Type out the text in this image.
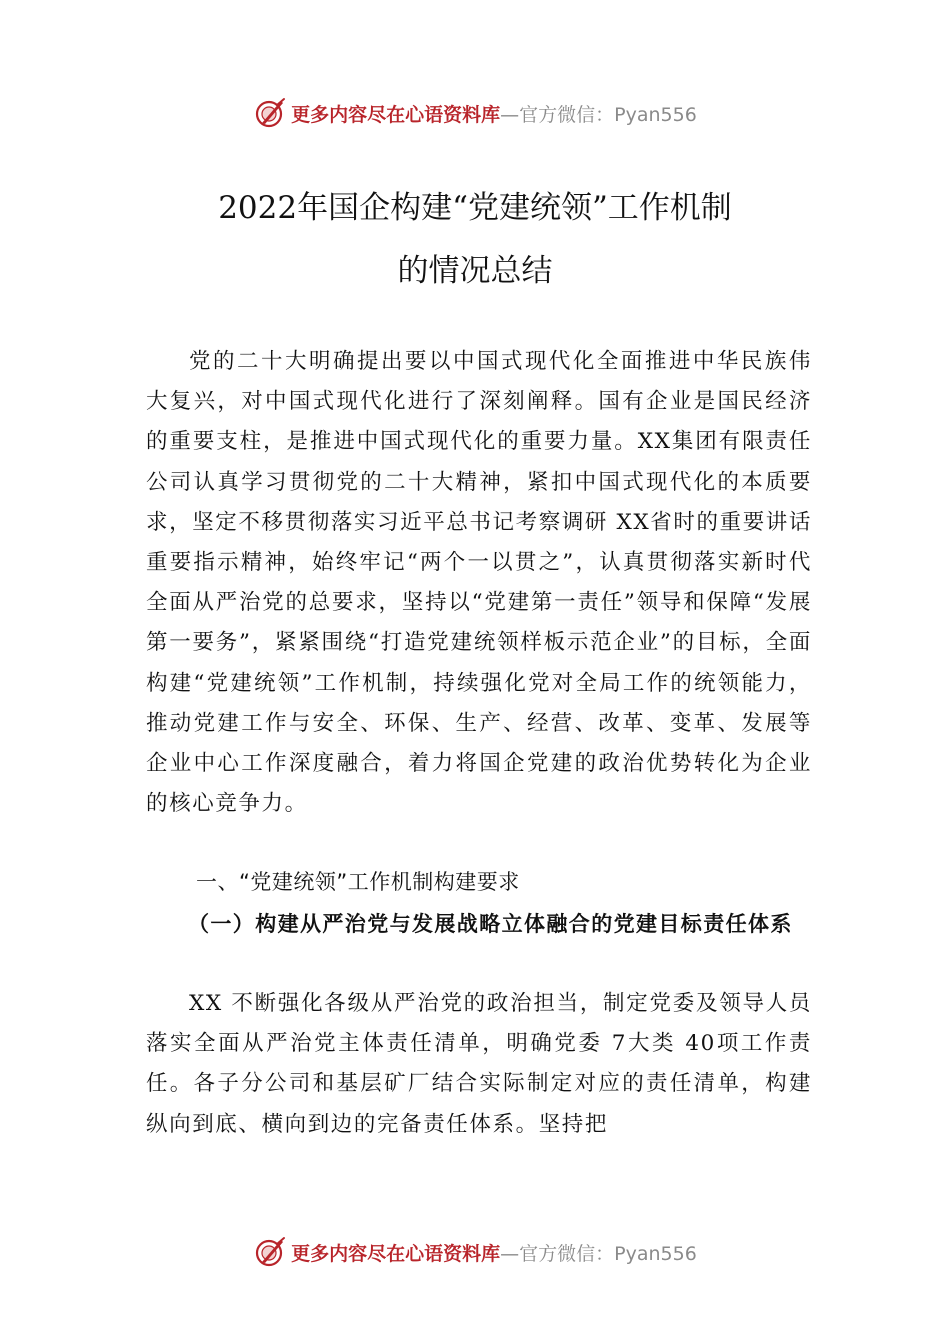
更多内容尽在心语资料库 —官方微信：Pyan556
2022年国企构建“党建统领”工作机制
的情况总结

党的二十大明确提出要以中国式现代化全面推进中华民族伟大复兴，对中国式现代化进行了深刻阐释。国有企业是国民经济的重要支柱，是推进中国式现代化的重要力量。XX集团有限责任公司认真学习贯彻党的二十大精神，紧扣中国式现代化的本质要求，坚定不移贯彻落实习近平总书记考察调研 XX省时的重要讲话重要指示精神，始终牢记“两个一以贯之”，认真贯彻落实新时代全面从严治党的总要求，坚持以“党建第一责任”领导和保障“发展第一要务”，紧紧围绕“打造党建统领样板示范企业”的目标，全面构建“党建统领”工作机制，持续强化党对全局工作的统领能力，推动党建工作与安全、环保、生产、经营、改革、变革、发展等企业中心工作深度融合，着力将国企党建的政治优势转化为企业的核心竞争力。

一、“党建统领”工作机制构建要求
（一）构建从严治党与发展战略立体融合的党建目标责任体系

XX 不断强化各级从严治党的政治担当，制定党委及领导人员落实全面从严治党主体责任清单，明确党委 7大类 40项工作责任。各子分公司和基层矿厂结合实际制定对应的责任清单，构建纵向到底、横向到边的完备责任体系。坚持把

更多内容尽在心语资料库 —官方微信：Pyan556
